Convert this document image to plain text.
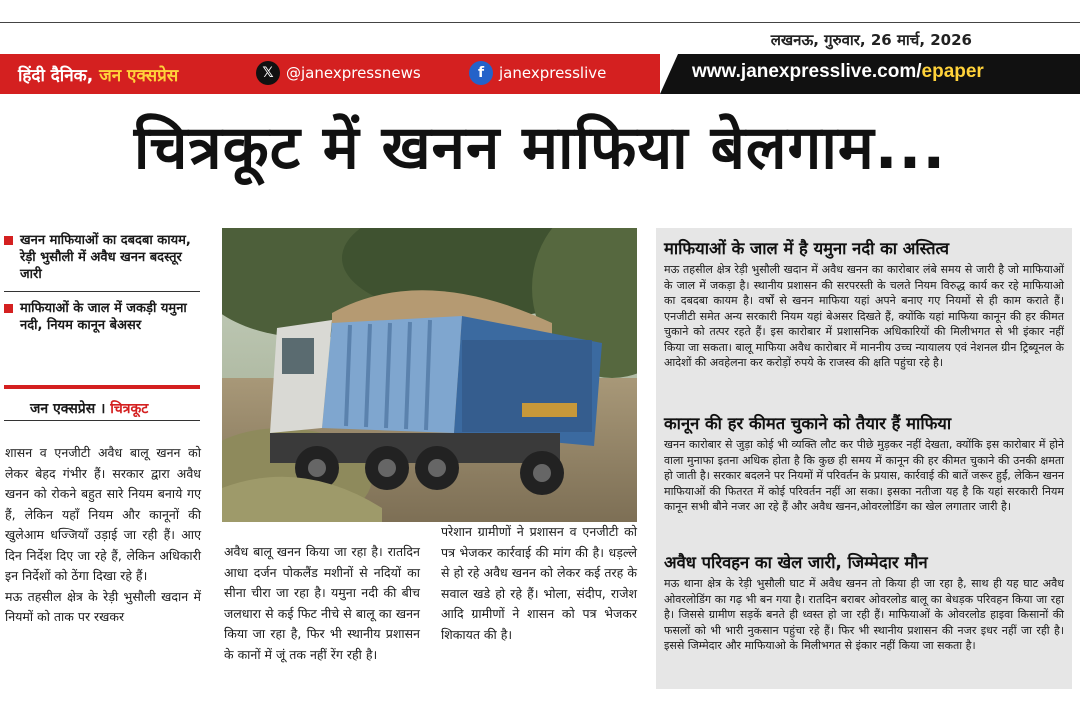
लखनऊ, गुरुवार, 26 मार्च, 2026
हिंदी दैनिक, जन एक्सप्रेस	𝕏 @janexpressnews	f janexpresslive	www.janexpresslive.com/epaper
चित्रकूट में खनन माफिया बेलगाम...
खनन माफियाओं का दबदबा कायम, रेड़ी भुसौली में अवैध खनन बदस्तूर जारी
माफियाओं के जाल में जकड़ी यमुना नदी, नियम कानून बेअसर
जन एक्सप्रेस । चित्रकूट

शासन व एनजीटी अवैध बालू खनन को लेकर बेहद गंभीर हैं। सरकार द्वारा अवैध खनन को रोकने बहुत सारे नियम बनाये गए हैं, लेकिन यहाँ नियम और कानूनों की खुलेआम धज्जियाँ उड़ाई जा रही हैं। आए दिन निर्देश दिए जा रहे हैं, लेकिन अधिकारी इन निर्देशों को ठेंगा दिखा रहे हैं।
मऊ तहसील क्षेत्र के रेड़ी भुसौली खदान में नियमों को ताक पर रखकर

अवैध बालू खनन किया जा रहा है। रातदिन आधा दर्जन पोकलैंड मशीनों से नदियों का सीना चीरा जा रहा है। यमुना नदी की बीच जलधारा से कई फिट नीचे से बालू का खनन किया जा रहा है, फिर भी स्थानीय प्रशासन के कानों में जूं तक नहीं रेंग रही है।

परेशान ग्रामीणों ने प्रशासन व एनजीटी को पत्र भेजकर कार्रवाई की मांग की है। धड़ल्ले से हो रहे अवैध खनन को लेकर कई तरह के सवाल खडे हो रहे हैं। भोला, संदीप, राजेश आदि ग्रामीणों ने शासन को पत्र भेजकर शिकायत की है।

माफियाओं के जाल में है यमुना नदी का अस्तित्व

मऊ तहसील क्षेत्र रेड़ी भुसौली खदान में अवैध खनन का कारोबार लंबे समय से जारी है जो माफियाओं के जाल में जकड़ा है। स्थानीय प्रशासन की सरपरस्ती के चलते नियम विरुद्ध कार्य कर रहे माफियाओ का दबदबा कायम है। वर्षों से खनन माफिया यहां अपने बनाए गए नियमों से ही काम कराते हैं। एनजीटी समेत अन्य सरकारी नियम यहां बेअसर दिखते हैं, क्योंकि यहां माफिया कानून की हर कीमत चुकाने को तत्पर रहते हैं। इस कारोबार में प्रशासनिक अधिकारियों की मिलीभगत से भी इंकार नहीं किया जा सकता। बालू माफिया अवैध कारोबार में माननीय उच्च न्यायालय एवं नेशनल ग्रीन ट्रिब्यूनल के आदेशों की अवहेलना कर करोड़ों रुपये के राजस्व की क्षति पहुंचा रहे है।

कानून की हर कीमत चुकाने को तैयार हैं माफिया

खनन कारोबार से जुड़ा कोई भी व्यक्ति लौट कर पीछे मुड़कर नहीं देखता, क्योंकि इस कारोबार में होने वाला मुनाफा इतना अधिक होता है कि कुछ ही समय में कानून की हर कीमत चुकाने की उनकी क्षमता हो जाती है। सरकार बदलने पर नियमों में परिवर्तन के प्रयास, कार्रवाई की बातें जरूर हुईं, लेकिन खनन माफियाओं की फितरत में कोई परिवर्तन नहीं आ सका। इसका नतीजा यह है कि यहां सरकारी नियम कानून सभी बौने नजर आ रहे हैं और अवैध खनन,ओवरलोडिंग का खेल लगातार जारी है।

अवैध परिवहन का खेल जारी, जिम्मेदार मौन

मऊ थाना क्षेत्र के रेड़ी भुसौली घाट में अवैध खनन तो किया ही जा रहा है, साथ ही यह घाट अवैध ओवरलोडिंग का गढ़ भी बन गया है। रातदिन बराबर ओवरलोड बालू का बेधड़क परिवहन किया जा रहा है। जिससे ग्रामीण सड़कें बनते ही ध्वस्त हो जा रही हैं। माफियाओं के ओवरलोड हाइवा किसानों की फसलों को भी भारी नुकसान पहुंचा रहे हैं। फिर भी स्थानीय प्रशासन की नजर इधर नहीं जा रही है। इससे जिम्मेदार और माफियाओ के मिलीभगत से इंकार नहीं किया जा सकता है।
